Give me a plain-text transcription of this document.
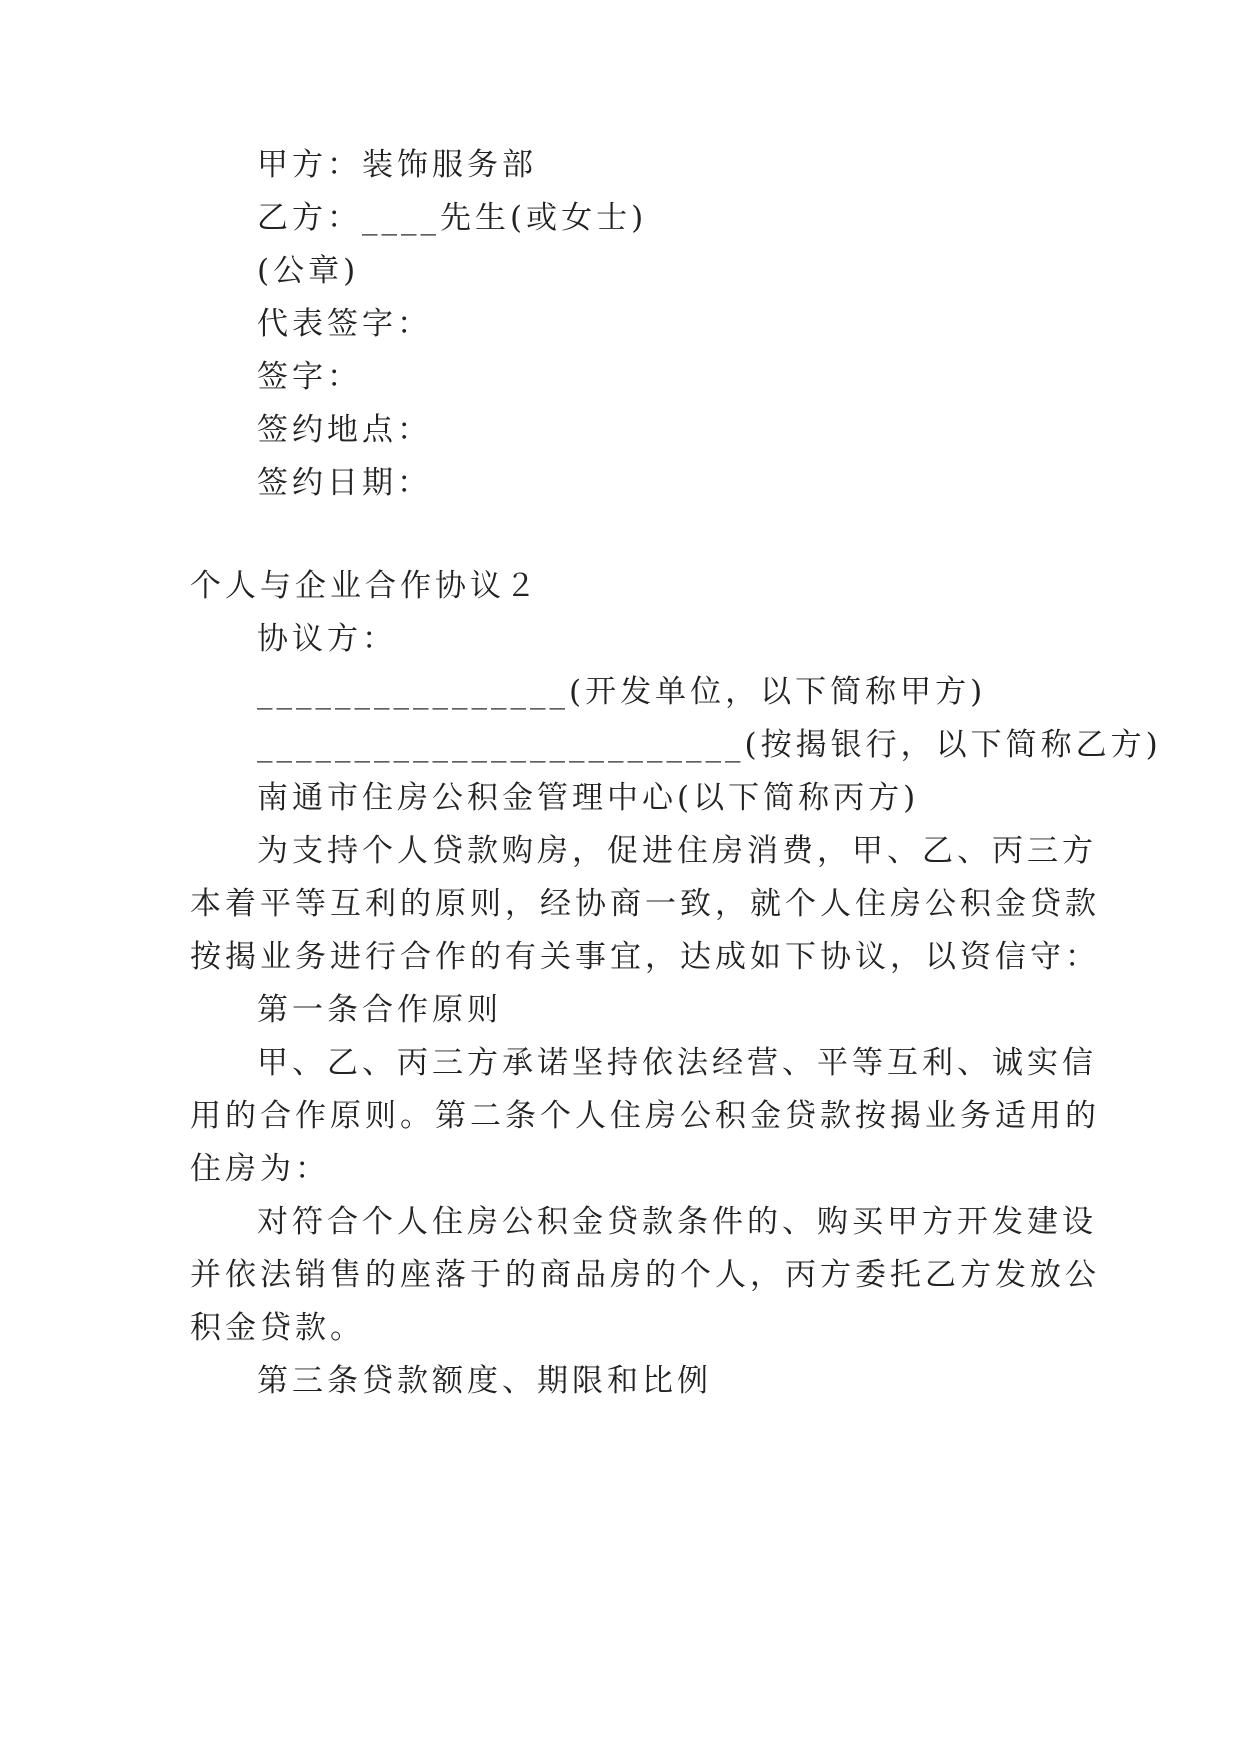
甲方：装饰服务部
乙方：____先生(或女士)
(公章)
代表签字：
签字：
签约地点：
签约日期：
个人与企业合作协议２
协议方：
________________(开发单位，以下简称甲方)
_________________________(按揭银行，以下简称乙方)
南通市住房公积金管理中心(以下简称丙方)
为支持个人贷款购房，促进住房消费，甲、乙、丙三方
本着平等互利的原则，经协商一致，就个人住房公积金贷款
按揭业务进行合作的有关事宜，达成如下协议，以资信守：
第一条合作原则
甲、乙、丙三方承诺坚持依法经营、平等互利、诚实信
用的合作原则。第二条个人住房公积金贷款按揭业务适用的
住房为：
对符合个人住房公积金贷款条件的、购买甲方开发建设
并依法销售的座落于的商品房的个人，丙方委托乙方发放公
积金贷款。
第三条贷款额度、期限和比例
